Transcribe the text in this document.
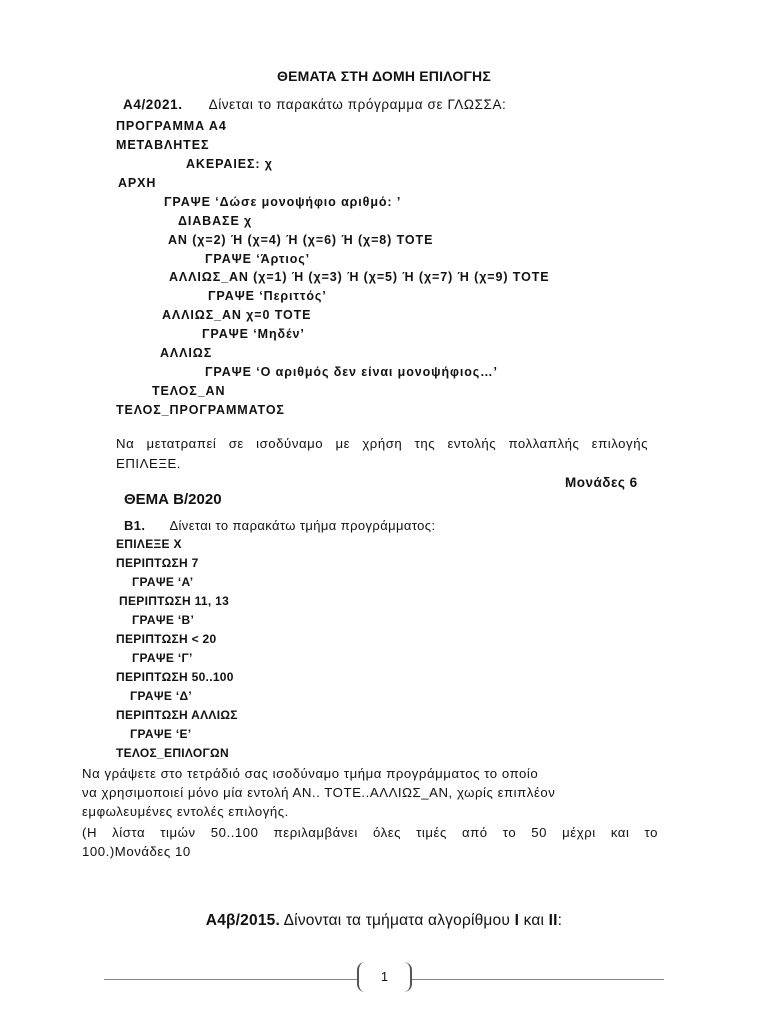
ΘΕΜΑΤΑ ΣΤΗ ΔΟΜΗ ΕΠΙΛΟΓΗΣ
Α4/2021. Δίνεται το παρακάτω πρόγραμμα σε ΓΛΩΣΣΑ:
ΠΡΟΓΡΑΜΜΑ Α4
ΜΕΤΑΒΛΗΤΕΣ
ΑΚΕΡΑΙΕΣ: χ
ΑΡΧΗ
ΓΡΑΨΕ ‘Δώσε μονοψήφιο αριθμό: ’
ΔΙΑΒΑΣΕ χ
ΑΝ (χ=2) Ή (χ=4) Ή (χ=6) Ή (χ=8) ΤΟΤΕ
ΓΡΑΨΕ ‘Άρτιος’
ΑΛΛΙΩΣ_ΑΝ (χ=1) Ή (χ=3) Ή (χ=5) Ή (χ=7) Ή (χ=9) ΤΟΤΕ
ΓΡΑΨΕ ‘Περιττός’
ΑΛΛΙΩΣ_ΑΝ χ=0 ΤΟΤΕ
ΓΡΑΨΕ ‘Μηδέν’
ΑΛΛΙΩΣ
ΓΡΑΨΕ ‘Ο αριθμός δεν είναι μονοψήφιος…’
ΤΕΛΟΣ_ΑΝ
ΤΕΛΟΣ_ΠΡΟΓΡΑΜΜΑΤΟΣ
Να μετατραπεί σε ισοδύναμο με χρήση της εντολής πολλαπλής επιλογής
ΕΠΙΛΕΞΕ.
Μονάδες 6
ΘΕΜΑ Β/2020
Β1. Δίνεται το παρακάτω τμήμα προγράμματος:
ΕΠΙΛΕΞΕ Χ
ΠΕΡΙΠΤΩΣΗ 7
ΓΡΑΨΕ ‘Α’
ΠΕΡΙΠΤΩΣΗ 11, 13
ΓΡΑΨΕ ‘Β’
ΠΕΡΙΠΤΩΣΗ < 20
ΓΡΑΨΕ ‘Γ’
ΠΕΡΙΠΤΩΣΗ 50..100
ΓΡΑΨΕ ‘Δ’
ΠΕΡΙΠΤΩΣΗ ΑΛΛΙΩΣ
ΓΡΑΨΕ ‘Ε’
ΤΕΛΟΣ_ΕΠΙΛΟΓΩΝ
Να γράψετε στο τετράδιό σας ισοδύναμο τμήμα προγράμματος το οποίο
να χρησιμοποιεί μόνο μία εντολή ΑΝ.. ΤΟΤΕ..ΑΛΛΙΩΣ_ΑΝ, χωρίς επιπλέον
εμφωλευμένες εντολές επιλογής.
(Η λίστα τιμών 50..100 περιλαμβάνει όλες τιμές από το 50 μέχρι και το
100.)Μονάδες 10
Α4β/2015. Δίνονται τα τμήματα αλγορίθμου Ι και ΙΙ:
1
